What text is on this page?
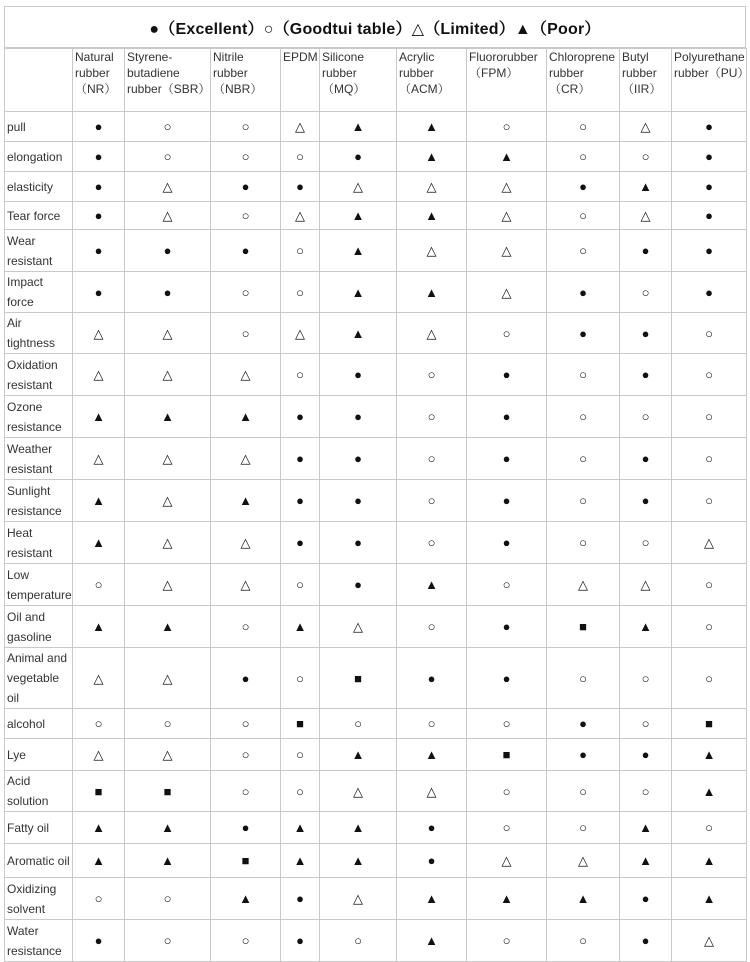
●（Excellent）○（Goodtui table）△（Limited）▲（Poor）
	Natural rubber（NR）	Styrene-butadiene rubber（SBR）	Nitrile rubber（NBR）	EPDM	Silicone rubber（MQ）	Acrylic rubber（ACM）	Fluororubber（FPM）	Chloroprene rubber（CR）	Butyl rubber（IIR）	Polyurethane rubber（PU）
pull	●	○	○	△	▲	▲	○	○	△	●
elongation	●	○	○	○	●	▲	▲	○	○	●
elasticity	●	△	●	●	△	△	△	●	▲	●
Tear force	●	△	○	△	▲	▲	△	○	△	●
Wear resistant	●	●	●	○	▲	△	△	○	●	●
Impact force	●	●	○	○	▲	▲	△	●	○	●
Air tightness	△	△	○	△	▲	△	○	●	●	○
Oxidation resistant	△	△	△	○	●	○	●	○	●	○
Ozone resistance	▲	▲	▲	●	●	○	●	○	○	○
Weather resistant	△	△	△	●	●	○	●	○	●	○
Sunlight resistance	▲	△	▲	●	●	○	●	○	●	○
Heat resistant	▲	△	△	●	●	○	●	○	○	△
Low temperature	○	△	△	○	●	▲	○	△	△	○
Oil and gasoline	▲	▲	○	▲	△	○	●	■	▲	○
Animal and vegetable oil	△	△	●	○	■	●	●	○	○	○
alcohol	○	○	○	■	○	○	○	●	○	■
Lye	△	△	○	○	▲	▲	■	●	●	▲
Acid solution	■	■	○	○	△	△	○	○	○	▲
Fatty oil	▲	▲	●	▲	▲	●	○	○	▲	○
Aromatic oil	▲	▲	■	▲	▲	●	△	△	▲	▲
Oxidizing solvent	○	○	▲	●	△	▲	▲	▲	●	▲
Water resistance	●	○	○	●	○	▲	○	○	●	△
